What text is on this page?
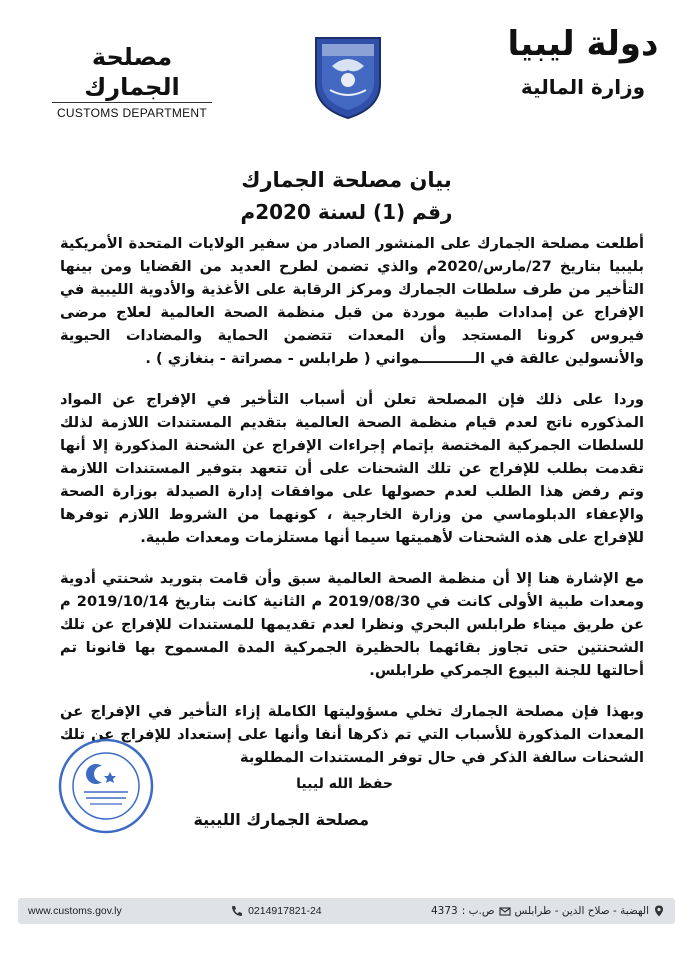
مصلحة الجمارك
CUSTOMS DEPARTMENT
دولة ليبيا
وزارة المالية
بيان مصلحة الجمارك
رقم (1) لسنة 2020م

أطلعت مصلحة الجمارك على المنشور الصادر من سفير الولايات المتحدة الأمريكية بليبيا بتاريخ 27/مارس/2020م والذي تضمن لطرح العديد من القضايا ومن بينها التأخير من طرف سلطات الجمارك ومركز الرقابة على الأغذية والأدوية الليبية في الإفراج عن إمدادات طبية موردة من قبل منظمة الصحة العالمية لعلاج مرضى فيروس كرونا المستجد وأن المعدات تتضمن الحماية والمضادات الحيوية والأنسولين عالقة في الـــــــــــمواني ( طرابلس - مصراتة - بنغازي ) .

وردا على ذلك فإن المصلحة تعلن أن أسباب التأخير في الإفراج عن المواد المذكوره ناتج لعدم قيام منظمة الصحة العالمية بتقديم المستندات اللازمة لذلك للسلطات الجمركية المختصة بإتمام إجراءات الإفراج عن الشحنة المذكورة إلا أنها تقدمت بطلب للإفراج عن تلك الشحنات على أن تتعهد بتوفير المستندات اللازمة وتم رفض هذا الطلب لعدم حصولها على موافقات إدارة الصيدلة بوزارة الصحة والإعفاء الدبلوماسي من وزارة الخارجية ، كونهما من الشروط اللازم توفرها للإفراج على هذه الشحنات لأهميتها سيما أنها مستلزمات ومعدات طبية.

مع الإشارة هنا إلا أن منظمة الصحة العالمية سبق وأن قامت بتوريد شحنتي أدوية ومعدات طبية الأولى كانت في 2019/08/30 م الثانية كانت بتاريخ 2019/10/14 م عن طريق ميناء طرابلس البحري ونظرا لعدم تقديمها للمستندات للإفراج عن تلك الشحنتين حتى تجاوز بقائهما بالحظيرة الجمركية المدة المسموح بها قانونا تم أحالتها للجنة البيوع الجمركي طرابلس.

وبهذا فإن مصلحة الجمارك تخلي مسؤوليتها الكاملة إزاء التأخير في الإفراج عن المعدات المذكورة للأسباب التي تم ذكرها أنفا وأنها على إستعداد للإفراج عن تلك الشحنات سالفة الذكر في حال توفر المستندات المطلوبة

حفظ الله ليبيا
مصلحة الجمارك الليبية
www.customs.gov.ly	0214917821-24	الهضبة - صلاح الدين - طرابلس
ص.ب :
4373
